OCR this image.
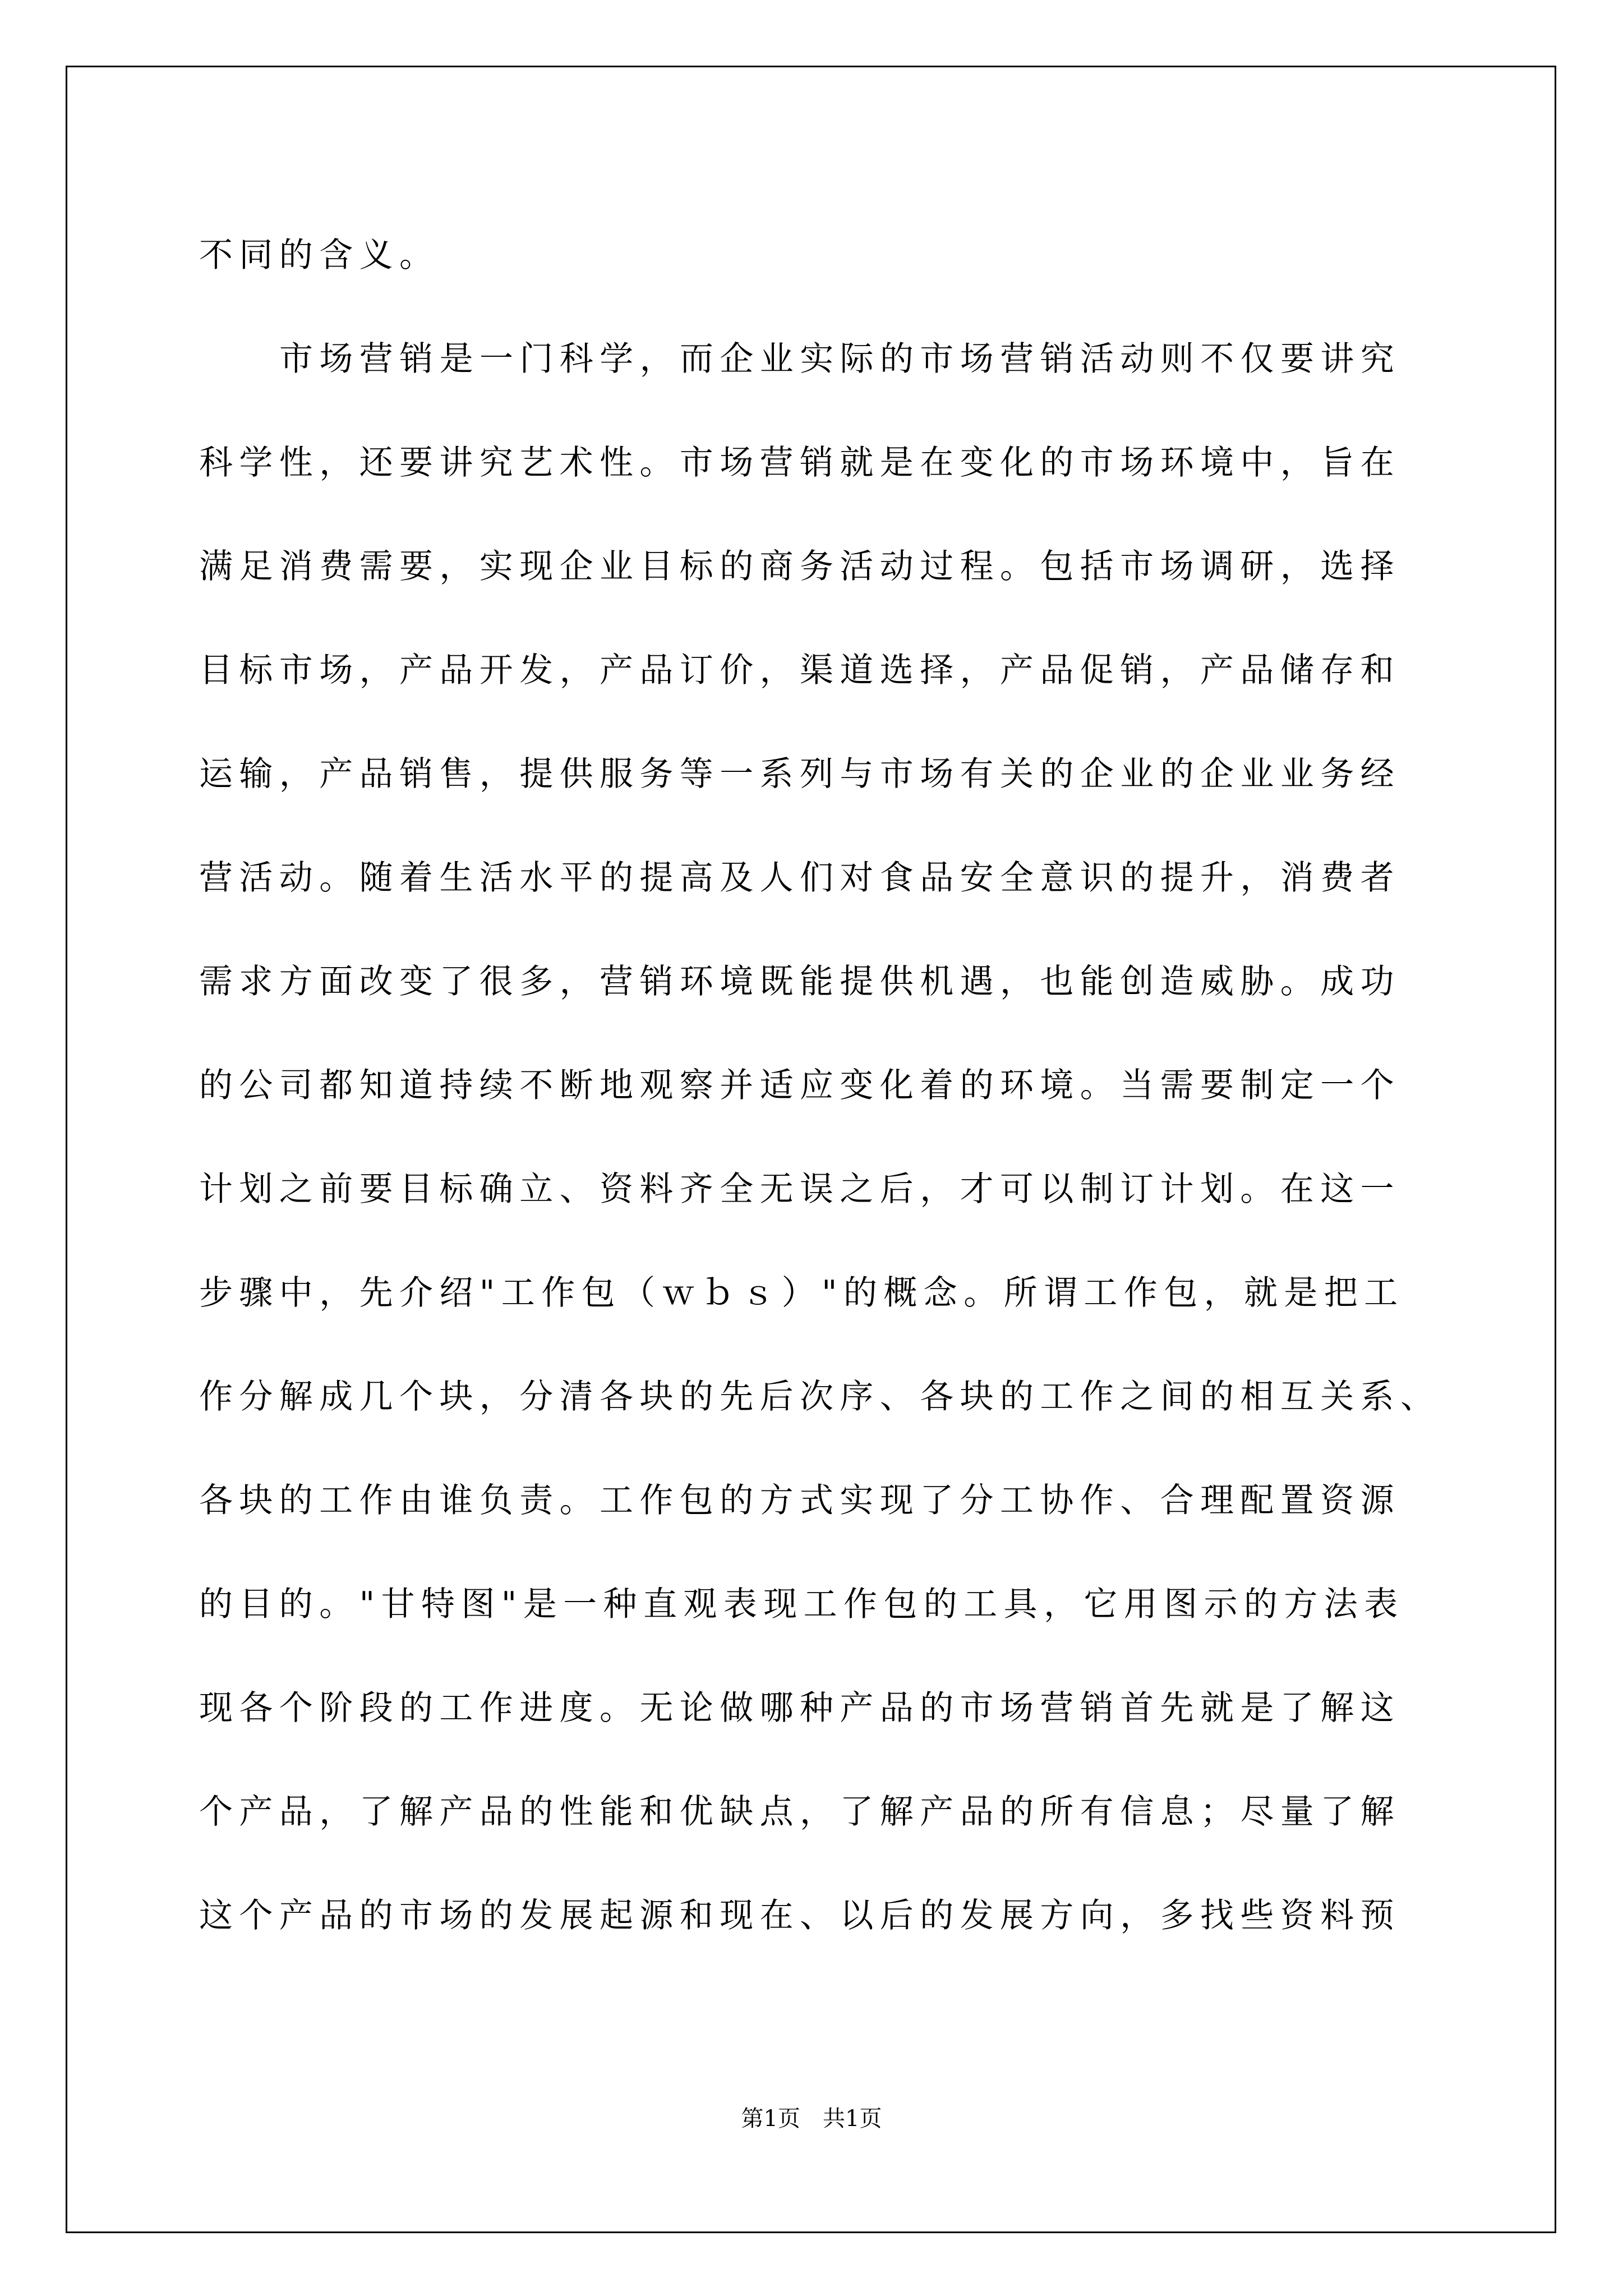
不同的含义。
市场营销是一门科学，而企业实际的市场营销活动则不仅要讲究
科学性，还要讲究艺术性。市场营销就是在变化的市场环境中，旨在
满足消费需要，实现企业目标的商务活动过程。包括市场调研，选择
目标市场，产品开发，产品订价，渠道选择，产品促销，产品储存和
运输，产品销售，提供服务等一系列与市场有关的企业的企业业务经
营活动。随着生活水平的提高及人们对食品安全意识的提升，消费者
需求方面改变了很多，营销环境既能提供机遇，也能创造威胁。成功
的公司都知道持续不断地观察并适应变化着的环境。当需要制定一个
计划之前要目标确立、资料齐全无误之后，才可以制订计划。在这一
步骤中，先介绍"工作包（ｗｂｓ）"的概念。所谓工作包，就是把工
作分解成几个块，分清各块的先后次序、各块的工作之间的相互关系、
各块的工作由谁负责。工作包的方式实现了分工协作、合理配置资源
的目的。"甘特图"是一种直观表现工作包的工具，它用图示的方法表
现各个阶段的工作进度。无论做哪种产品的市场营销首先就是了解这
个产品，了解产品的性能和优缺点，了解产品的所有信息；尽量了解
这个产品的市场的发展起源和现在、以后的发展方向，多找些资料预
第1页　共1页
